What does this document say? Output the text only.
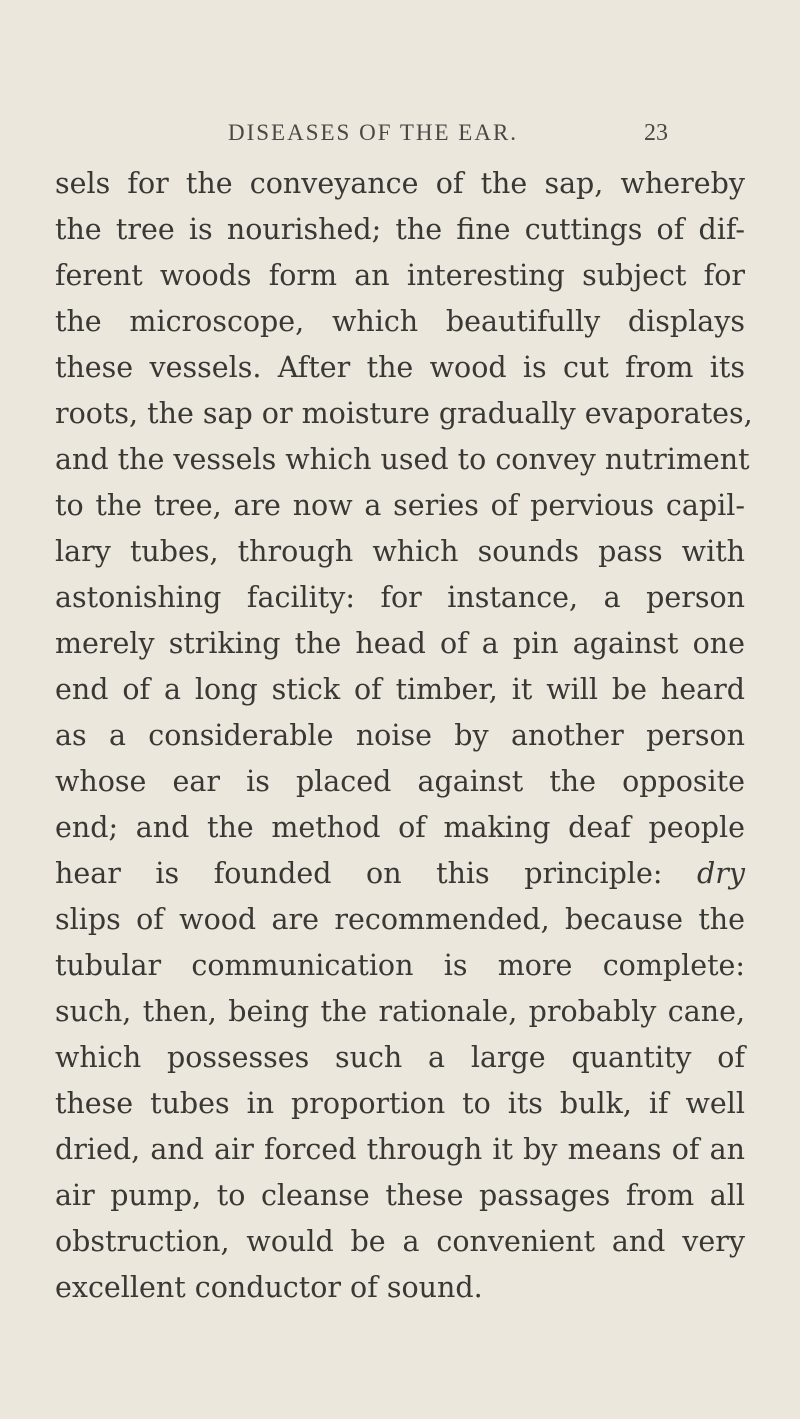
DISEASES OF THE EAR.	23
sels for the conveyance of the sap, whereby
the tree is nourished; the fine cuttings of dif-
ferent woods form an interesting subject for
the microscope, which beautifully displays
these vessels. After the wood is cut from its
roots, the sap or moisture gradually evaporates,
and the vessels which used to convey nutriment
to the tree, are now a series of pervious capil-
lary tubes, through which sounds pass with
astonishing facility: for instance, a person
merely striking the head of a pin against one
end of a long stick of timber, it will be heard
as a considerable noise by another person
whose ear is placed against the opposite
end; and the method of making deaf people
hear is founded on this principle: dry
slips of wood are recommended, because the
tubular communication is more complete:
such, then, being the rationale, probably cane,
which possesses such a large quantity of
these tubes in proportion to its bulk, if well
dried, and air forced through it by means of an
air pump, to cleanse these passages from all
obstruction, would be a convenient and very
excellent conductor of sound.
